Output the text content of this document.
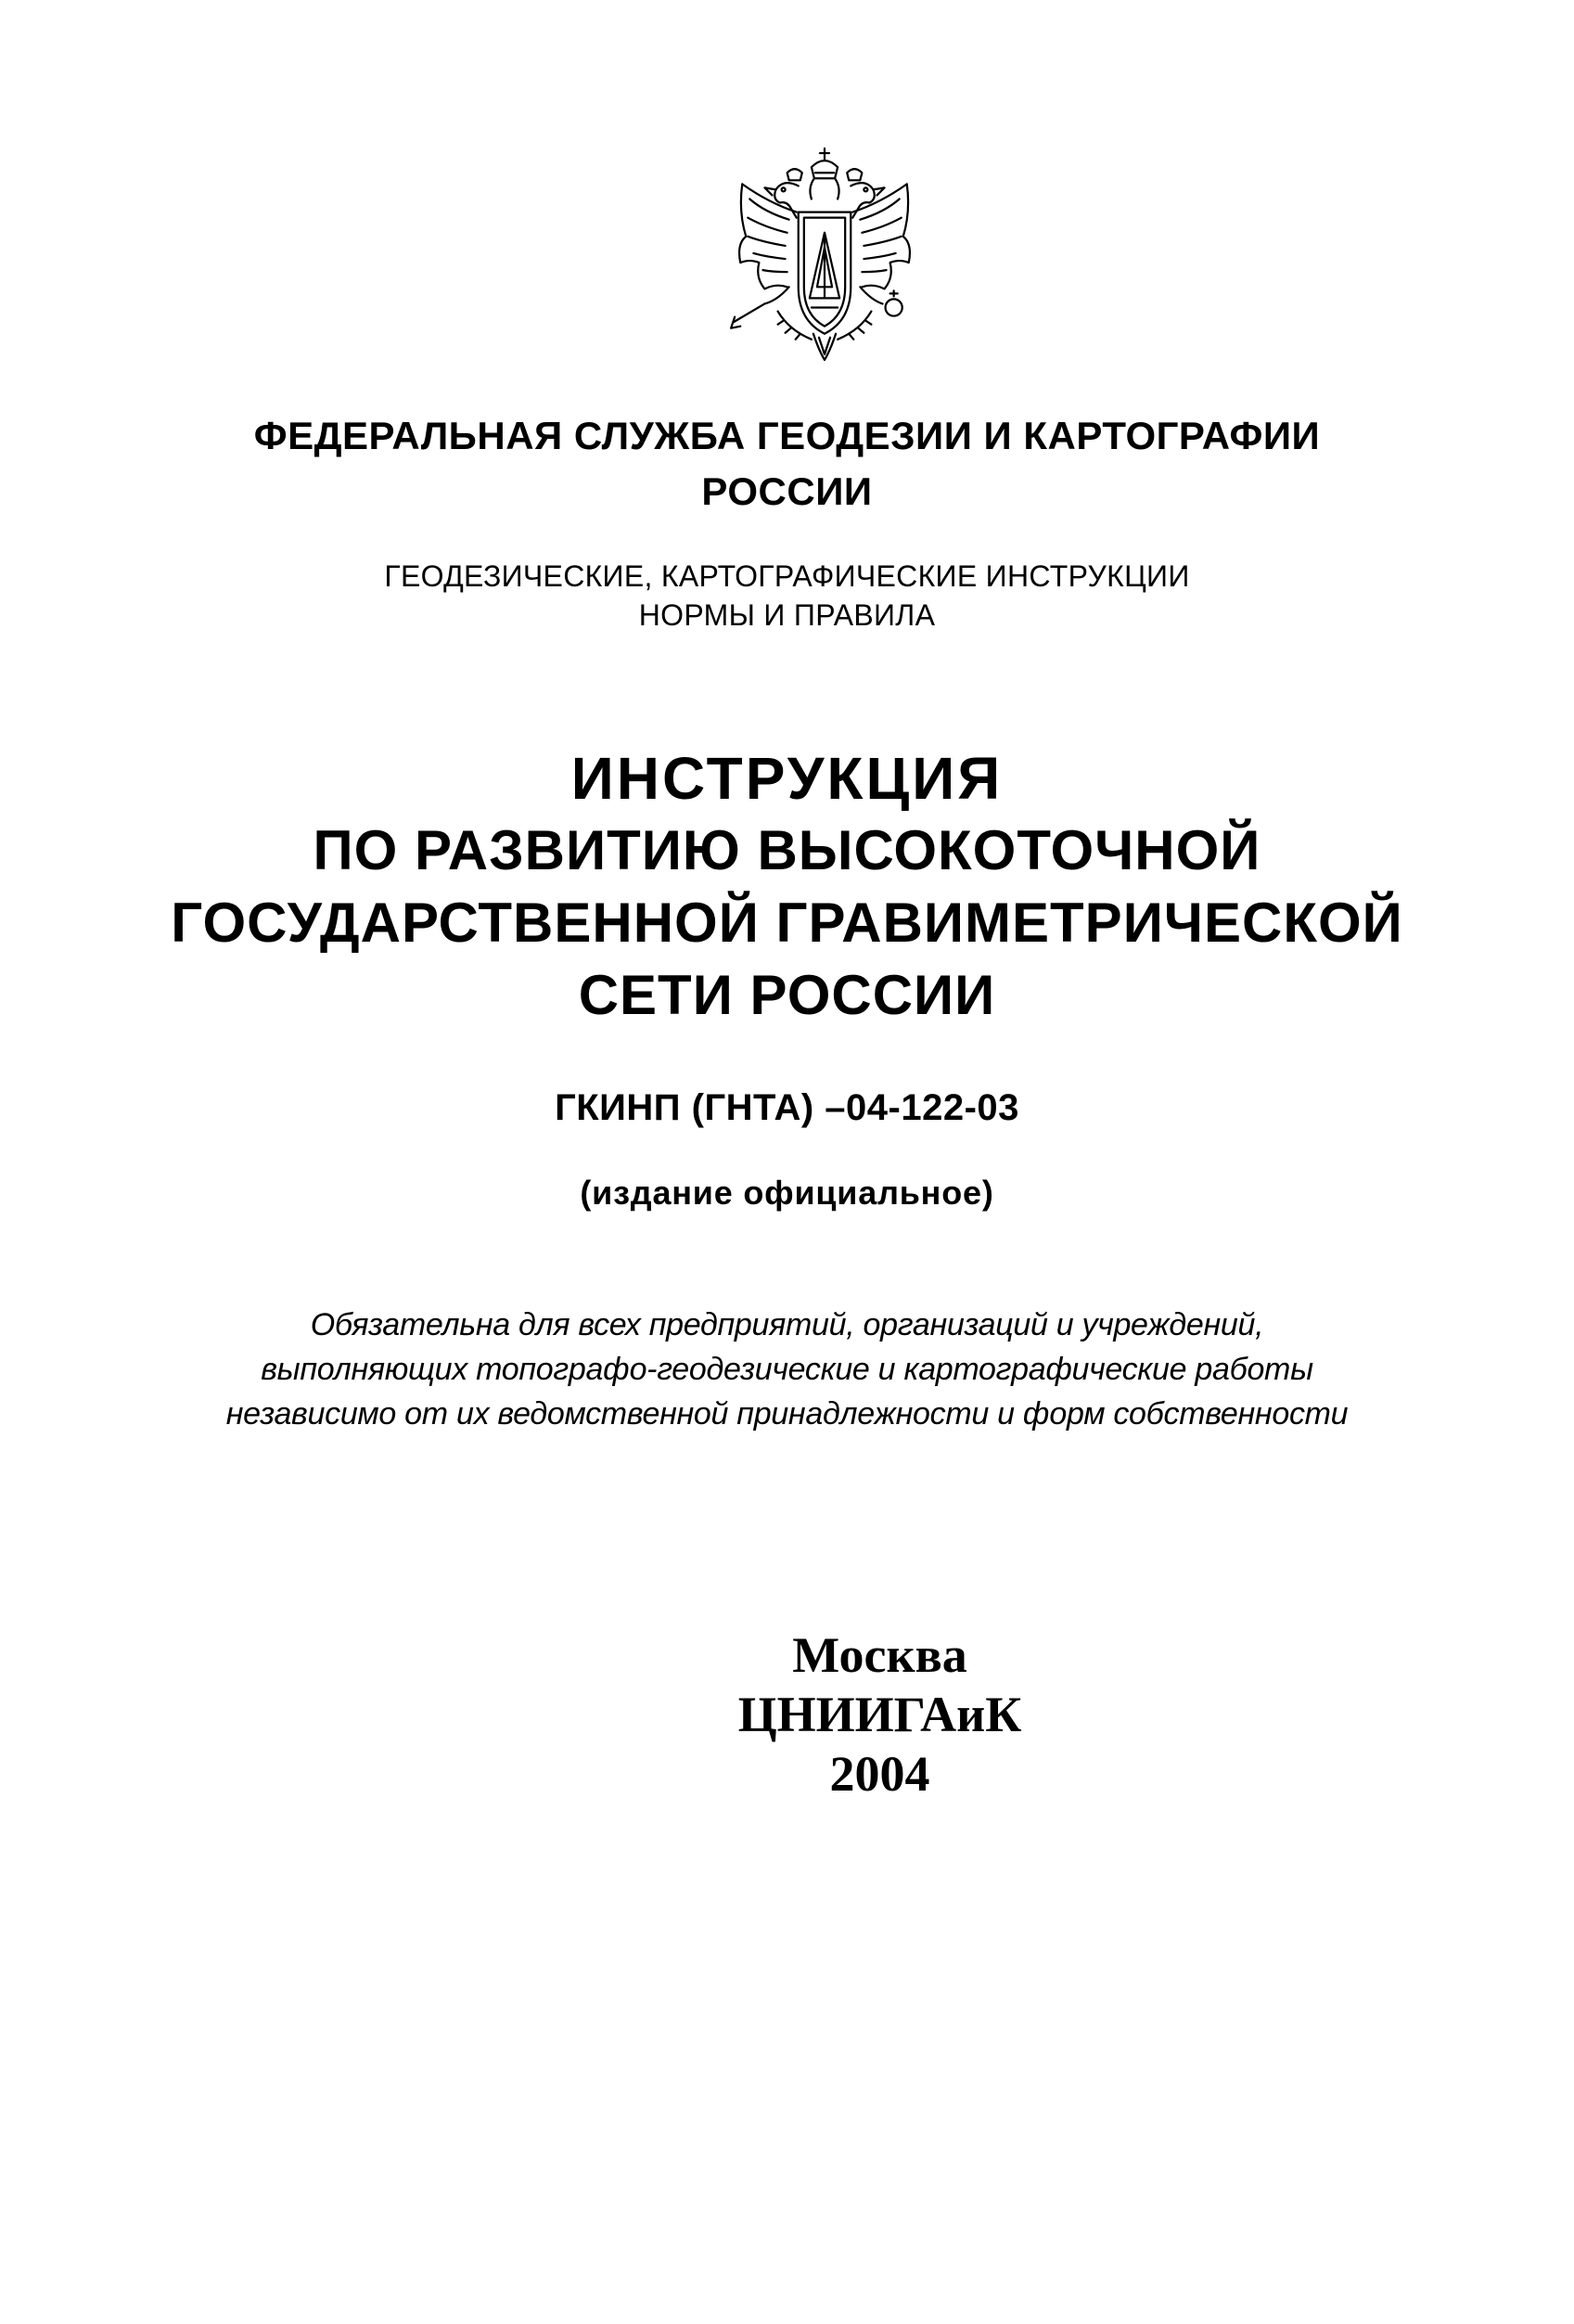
ФЕДЕРАЛЬНАЯ СЛУЖБА ГЕОДЕЗИИ И КАРТОГРАФИИ
РОССИИ
ГЕОДЕЗИЧЕСКИЕ, КАРТОГРАФИЧЕСКИЕ ИНСТРУКЦИИ
НОРМЫ И ПРАВИЛА
ИНСТРУКЦИЯ
ПО РАЗВИТИЮ ВЫСОКОТОЧНОЙ
ГОСУДАРСТВЕННОЙ ГРАВИМЕТРИЧЕСКОЙ
СЕТИ РОССИИ
ГКИНП (ГНТА) –04-122-03
(издание официальное)
Обязательна для всех предприятий, организаций и учреждений,
выполняющих топографо-геодезические и картографические работы
независимо от их ведомственной принадлежности и форм собственности
Москва
ЦНИИГАиК
2004
